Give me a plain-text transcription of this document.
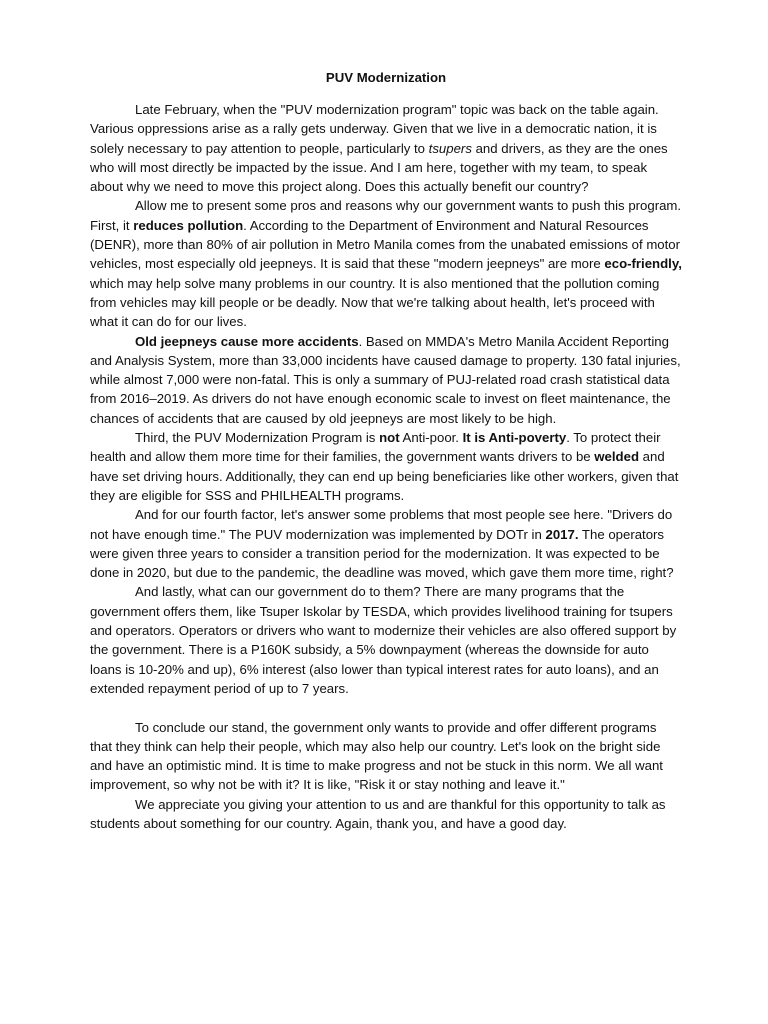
PUV Modernization

Late February, when the "PUV modernization program" topic was back on the table again. Various oppressions arise as a rally gets underway. Given that we live in a democratic nation, it is solely necessary to pay attention to people, particularly to tsupers and drivers, as they are the ones who will most directly be impacted by the issue. And I am here, together with my team, to speak about why we need to move this project along. Does this actually benefit our country?

Allow me to present some pros and reasons why our government wants to push this program. First, it reduces pollution. According to the Department of Environment and Natural Resources (DENR), more than 80% of air pollution in Metro Manila comes from the unabated emissions of motor vehicles, most especially old jeepneys. It is said that these "modern jeepneys" are more eco-friendly, which may help solve many problems in our country. It is also mentioned that the pollution coming from vehicles may kill people or be deadly. Now that we're talking about health, let's proceed with what it can do for our lives.

Old jeepneys cause more accidents. Based on MMDA's Metro Manila Accident Reporting and Analysis System, more than 33,000 incidents have caused damage to property. 130 fatal injuries, while almost 7,000 were non-fatal. This is only a summary of PUJ-related road crash statistical data from 2016–2019. As drivers do not have enough economic scale to invest on fleet maintenance, the chances of accidents that are caused by old jeepneys are most likely to be high.

Third, the PUV Modernization Program is not Anti-poor. It is Anti-poverty. To protect their health and allow them more time for their families, the government wants drivers to be welded and have set driving hours. Additionally, they can end up being beneficiaries like other workers, given that they are eligible for SSS and PHILHEALTH programs.

And for our fourth factor, let's answer some problems that most people see here. "Drivers do not have enough time." The PUV modernization was implemented by DOTr in 2017. The operators were given three years to consider a transition period for the modernization. It was expected to be done in 2020, but due to the pandemic, the deadline was moved, which gave them more time, right?

And lastly, what can our government do to them? There are many programs that the government offers them, like Tsuper Iskolar by TESDA, which provides livelihood training for tsupers and operators. Operators or drivers who want to modernize their vehicles are also offered support by the government. There is a P160K subsidy, a 5% downpayment (whereas the downside for auto loans is 10-20% and up), 6% interest (also lower than typical interest rates for auto loans), and an extended repayment period of up to 7 years.

To conclude our stand, the government only wants to provide and offer different programs that they think can help their people, which may also help our country. Let's look on the bright side and have an optimistic mind. It is time to make progress and not be stuck in this norm. We all want improvement, so why not be with it? It is like, "Risk it or stay nothing and leave it."

We appreciate you giving your attention to us and are thankful for this opportunity to talk as students about something for our country. Again, thank you, and have a good day.
